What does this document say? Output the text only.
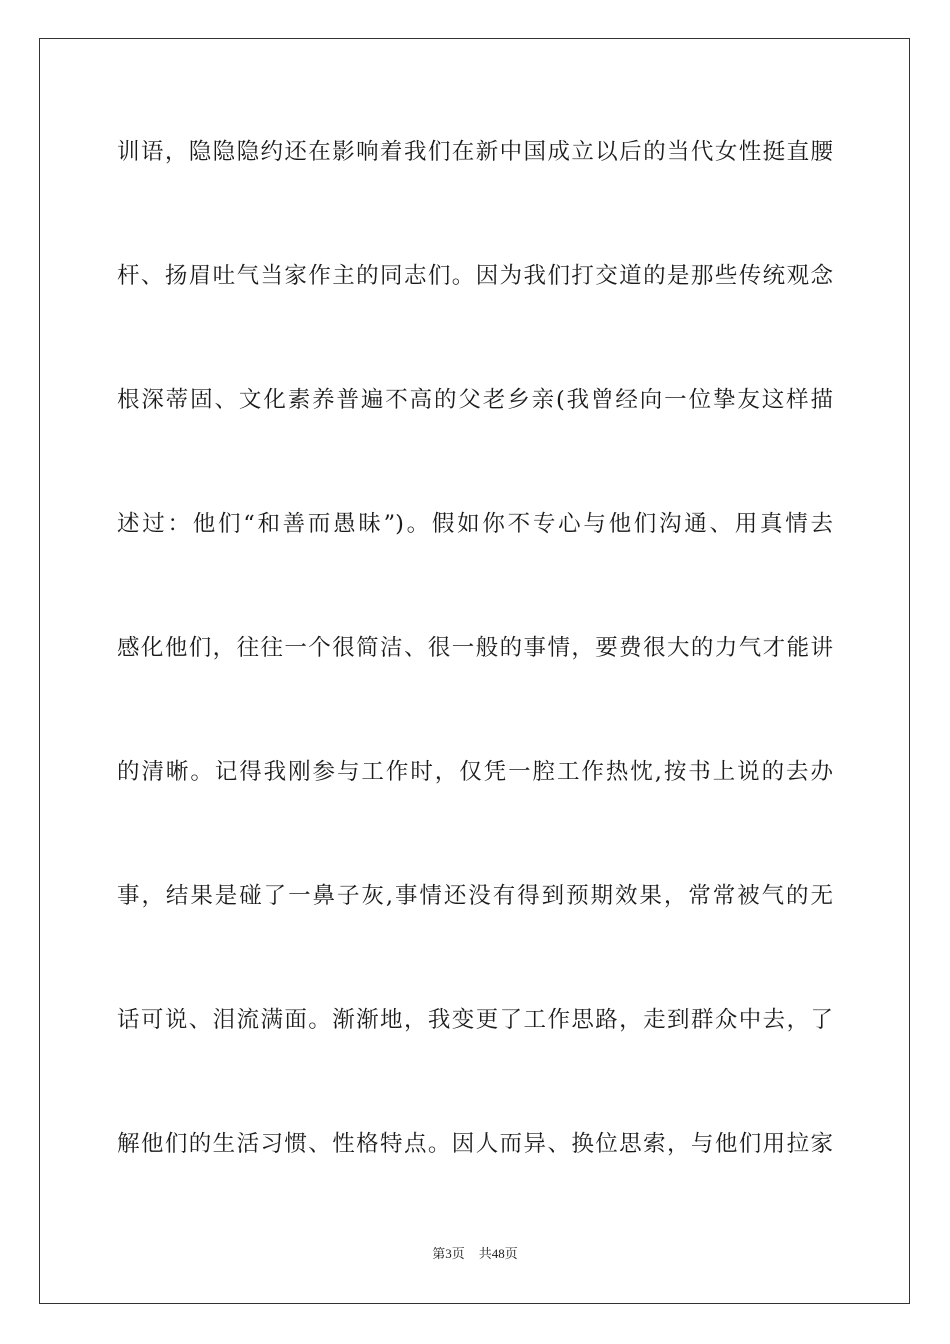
训语，隐隐隐约还在影响着我们在新中国成立以后的当代女性挺直腰
杆、扬眉吐气当家作主的同志们。因为我们打交道的是那些传统观念
根深蒂固、文化素养普遍不高的父老乡亲(我曾经向一位挚友这样描
述过：他们“和善而愚昧”)。假如你不专心与他们沟通、用真情去
感化他们，往往一个很简洁、很一般的事情，要费很大的力气才能讲
的清晰。记得我刚参与工作时，仅凭一腔工作热忱,按书上说的去办
事，结果是碰了一鼻子灰,事情还没有得到预期效果，常常被气的无
话可说、泪流满面。渐渐地，我变更了工作思路，走到群众中去，了
解他们的生活习惯、性格特点。因人而异、换位思索，与他们用拉家
第3页 共48页
